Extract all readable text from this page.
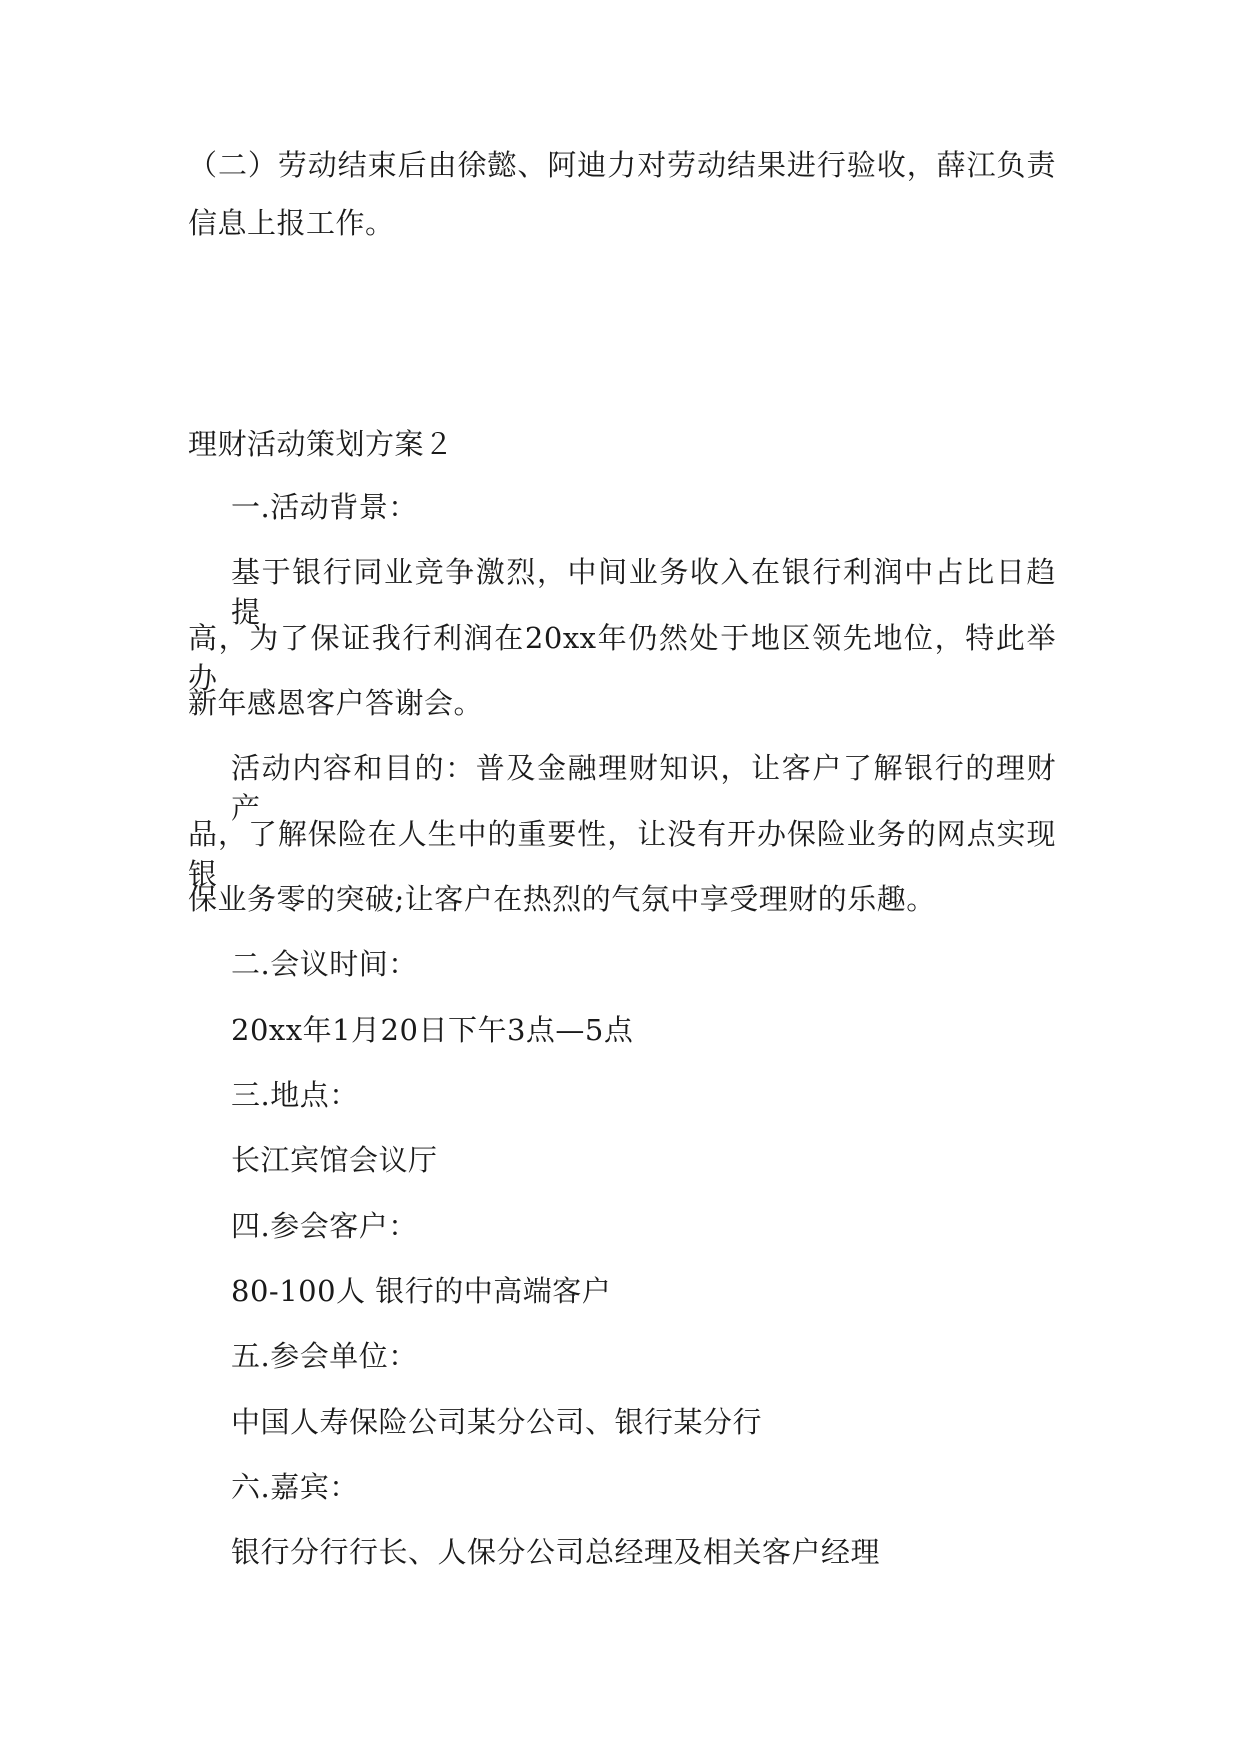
（二）劳动结束后由徐懿、阿迪力对劳动结果进行验收，薛江负责

信息上报工作。

理财活动策划方案２

一.活动背景：

基于银行同业竞争激烈，中间业务收入在银行利润中占比日趋提

高，为了保证我行利润在20xx年仍然处于地区领先地位，特此举办

新年感恩客户答谢会。

活动内容和目的：普及金融理财知识，让客户了解银行的理财产

品，了解保险在人生中的重要性，让没有开办保险业务的网点实现银

保业务零的突破;让客户在热烈的气氛中享受理财的乐趣。

二.会议时间：

20xx年1月20日下午3点—5点

三.地点：

长江宾馆会议厅

四.参会客户：

80-100人 银行的中高端客户

五.参会单位：

中国人寿保险公司某分公司、银行某分行

六.嘉宾：

银行分行行长、人保分公司总经理及相关客户经理
